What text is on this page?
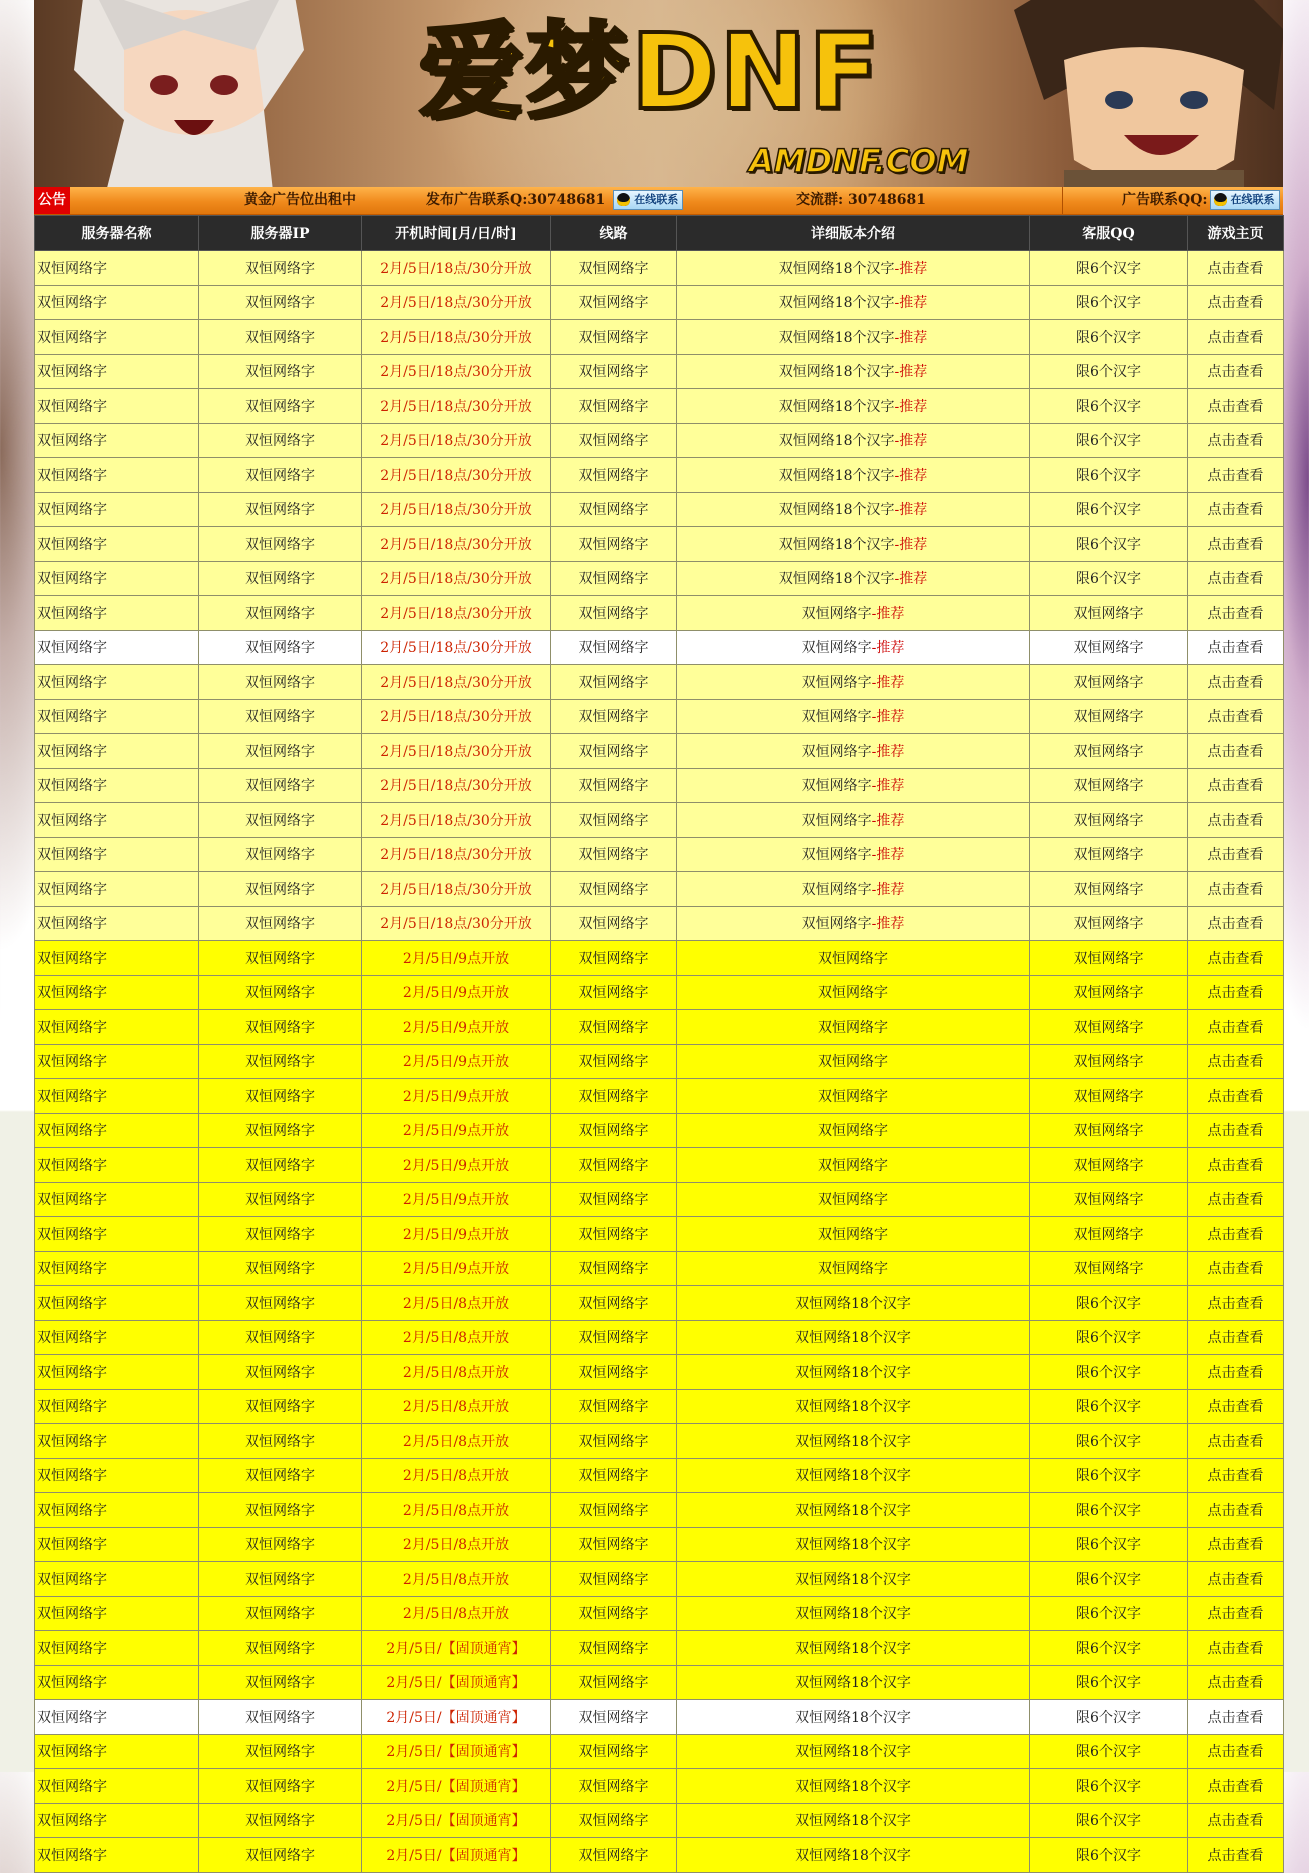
爱梦DNF
AMDNF.COM
公告	黄金广告位出租中	发布广告联系Q:30748681	在线联系	交流群: 30748681	广告联系QQ: 在线联系
服务器名称	服务器IP	开机时间[月/日/时]	线路	详细版本介绍	客服QQ	游戏主页
双恒网络字	双恒网络字	2月/5日/18点/30分开放	双恒网络字	双恒网络18个汉字-推荐	限6个汉字	点击查看
双恒网络字	双恒网络字	2月/5日/18点/30分开放	双恒网络字	双恒网络18个汉字-推荐	限6个汉字	点击查看
双恒网络字	双恒网络字	2月/5日/18点/30分开放	双恒网络字	双恒网络18个汉字-推荐	限6个汉字	点击查看
双恒网络字	双恒网络字	2月/5日/18点/30分开放	双恒网络字	双恒网络18个汉字-推荐	限6个汉字	点击查看
双恒网络字	双恒网络字	2月/5日/18点/30分开放	双恒网络字	双恒网络18个汉字-推荐	限6个汉字	点击查看
双恒网络字	双恒网络字	2月/5日/18点/30分开放	双恒网络字	双恒网络18个汉字-推荐	限6个汉字	点击查看
双恒网络字	双恒网络字	2月/5日/18点/30分开放	双恒网络字	双恒网络18个汉字-推荐	限6个汉字	点击查看
双恒网络字	双恒网络字	2月/5日/18点/30分开放	双恒网络字	双恒网络18个汉字-推荐	限6个汉字	点击查看
双恒网络字	双恒网络字	2月/5日/18点/30分开放	双恒网络字	双恒网络18个汉字-推荐	限6个汉字	点击查看
双恒网络字	双恒网络字	2月/5日/18点/30分开放	双恒网络字	双恒网络18个汉字-推荐	限6个汉字	点击查看
双恒网络字	双恒网络字	2月/5日/18点/30分开放	双恒网络字	双恒网络字-推荐	双恒网络字	点击查看
双恒网络字	双恒网络字	2月/5日/18点/30分开放	双恒网络字	双恒网络字-推荐	双恒网络字	点击查看
双恒网络字	双恒网络字	2月/5日/18点/30分开放	双恒网络字	双恒网络字-推荐	双恒网络字	点击查看
双恒网络字	双恒网络字	2月/5日/18点/30分开放	双恒网络字	双恒网络字-推荐	双恒网络字	点击查看
双恒网络字	双恒网络字	2月/5日/18点/30分开放	双恒网络字	双恒网络字-推荐	双恒网络字	点击查看
双恒网络字	双恒网络字	2月/5日/18点/30分开放	双恒网络字	双恒网络字-推荐	双恒网络字	点击查看
双恒网络字	双恒网络字	2月/5日/18点/30分开放	双恒网络字	双恒网络字-推荐	双恒网络字	点击查看
双恒网络字	双恒网络字	2月/5日/18点/30分开放	双恒网络字	双恒网络字-推荐	双恒网络字	点击查看
双恒网络字	双恒网络字	2月/5日/18点/30分开放	双恒网络字	双恒网络字-推荐	双恒网络字	点击查看
双恒网络字	双恒网络字	2月/5日/18点/30分开放	双恒网络字	双恒网络字-推荐	双恒网络字	点击查看
双恒网络字	双恒网络字	2月/5日/9点开放	双恒网络字	双恒网络字	双恒网络字	点击查看
双恒网络字	双恒网络字	2月/5日/9点开放	双恒网络字	双恒网络字	双恒网络字	点击查看
双恒网络字	双恒网络字	2月/5日/9点开放	双恒网络字	双恒网络字	双恒网络字	点击查看
双恒网络字	双恒网络字	2月/5日/9点开放	双恒网络字	双恒网络字	双恒网络字	点击查看
双恒网络字	双恒网络字	2月/5日/9点开放	双恒网络字	双恒网络字	双恒网络字	点击查看
双恒网络字	双恒网络字	2月/5日/9点开放	双恒网络字	双恒网络字	双恒网络字	点击查看
双恒网络字	双恒网络字	2月/5日/9点开放	双恒网络字	双恒网络字	双恒网络字	点击查看
双恒网络字	双恒网络字	2月/5日/9点开放	双恒网络字	双恒网络字	双恒网络字	点击查看
双恒网络字	双恒网络字	2月/5日/9点开放	双恒网络字	双恒网络字	双恒网络字	点击查看
双恒网络字	双恒网络字	2月/5日/9点开放	双恒网络字	双恒网络字	双恒网络字	点击查看
双恒网络字	双恒网络字	2月/5日/8点开放	双恒网络字	双恒网络18个汉字	限6个汉字	点击查看
双恒网络字	双恒网络字	2月/5日/8点开放	双恒网络字	双恒网络18个汉字	限6个汉字	点击查看
双恒网络字	双恒网络字	2月/5日/8点开放	双恒网络字	双恒网络18个汉字	限6个汉字	点击查看
双恒网络字	双恒网络字	2月/5日/8点开放	双恒网络字	双恒网络18个汉字	限6个汉字	点击查看
双恒网络字	双恒网络字	2月/5日/8点开放	双恒网络字	双恒网络18个汉字	限6个汉字	点击查看
双恒网络字	双恒网络字	2月/5日/8点开放	双恒网络字	双恒网络18个汉字	限6个汉字	点击查看
双恒网络字	双恒网络字	2月/5日/8点开放	双恒网络字	双恒网络18个汉字	限6个汉字	点击查看
双恒网络字	双恒网络字	2月/5日/8点开放	双恒网络字	双恒网络18个汉字	限6个汉字	点击查看
双恒网络字	双恒网络字	2月/5日/8点开放	双恒网络字	双恒网络18个汉字	限6个汉字	点击查看
双恒网络字	双恒网络字	2月/5日/8点开放	双恒网络字	双恒网络18个汉字	限6个汉字	点击查看
双恒网络字	双恒网络字	2月/5日/【固顶通宵】	双恒网络字	双恒网络18个汉字	限6个汉字	点击查看
双恒网络字	双恒网络字	2月/5日/【固顶通宵】	双恒网络字	双恒网络18个汉字	限6个汉字	点击查看
双恒网络字	双恒网络字	2月/5日/【固顶通宵】	双恒网络字	双恒网络18个汉字	限6个汉字	点击查看
双恒网络字	双恒网络字	2月/5日/【固顶通宵】	双恒网络字	双恒网络18个汉字	限6个汉字	点击查看
双恒网络字	双恒网络字	2月/5日/【固顶通宵】	双恒网络字	双恒网络18个汉字	限6个汉字	点击查看
双恒网络字	双恒网络字	2月/5日/【固顶通宵】	双恒网络字	双恒网络18个汉字	限6个汉字	点击查看
双恒网络字	双恒网络字	2月/5日/【固顶通宵】	双恒网络字	双恒网络18个汉字	限6个汉字	点击查看
